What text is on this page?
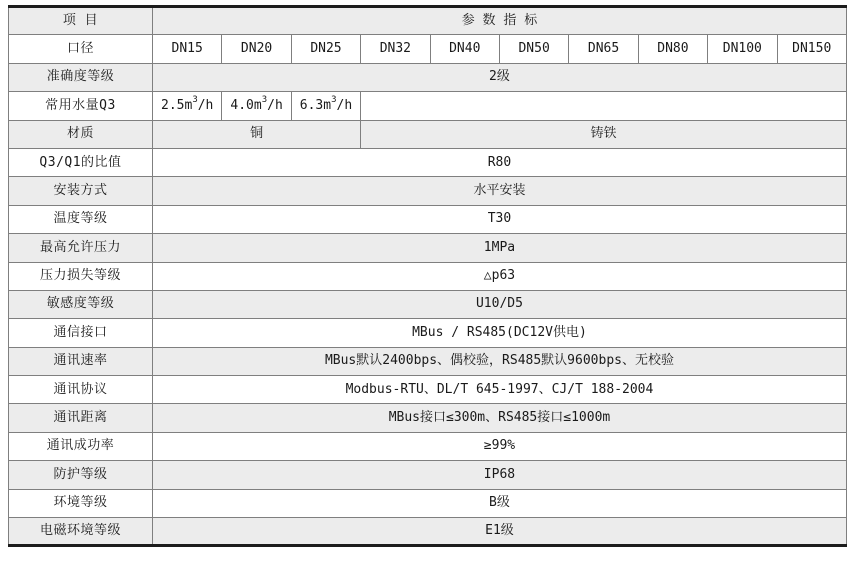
项 目	参 数 指 标									
口径	DN15	DN20	DN25	DN32	DN40	DN50	DN65	DN80	DN100	DN150
准确度等级	2级									
常用水量Q3	$2.5m^3/h$	$4.0m^3/h$	$6.3m^3/h$							
材质	铜			铸铁						
Q3/Q1的比值	R80									
安装方式	水平安装									
温度等级	T30									
最高允许压力	1MPa									
压力损失等级	△p63									
敏感度等级	U10/D5									
通信接口	MBus / RS485(DC12V供电)									
通讯速率	MBus默认2400bps、偶校验，RS485默认9600bps、无校验									
通讯协议	Modbus-RTU、DL/T 645-1997、CJ/T 188-2004									
通讯距离	MBus接口≤300m、RS485接口≤1000m									
通讯成功率	≥99%									
防护等级	IP68									
环境等级	B级									
电磁环境等级	E1级									
